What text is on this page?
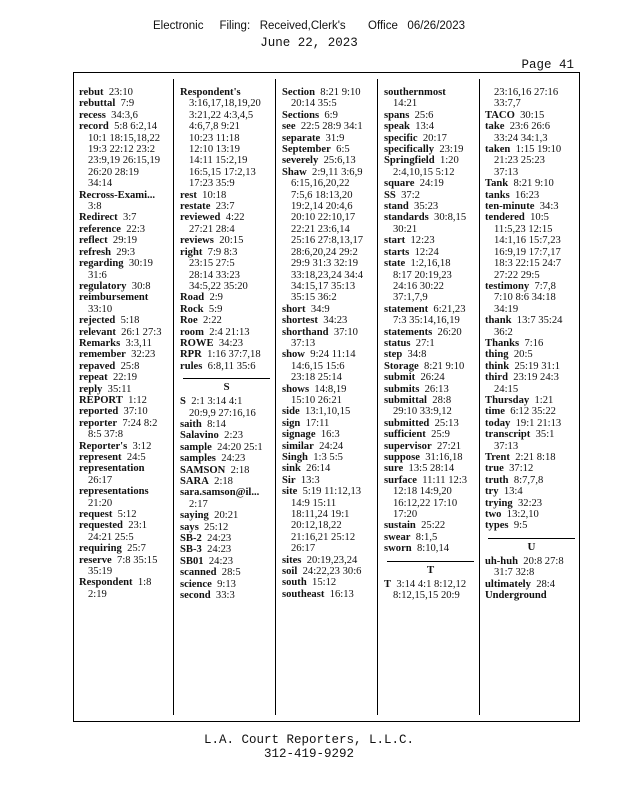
Electronic     Filing:   Received,Clerk's       Office   06/26/2023
June 22, 2023
Page 41
rebut 23:10
rebuttal 7:9
recess 34:3,6
record 5:8 6:2,14
10:1 18:15,18,22
19:3 22:12 23:2
23:9,19 26:15,19
26:20 28:19
34:14
Recross-Exami...
3:8
Redirect 3:7
reference 22:3
reflect 29:19
refresh 29:3
regarding 30:19
31:6
regulatory 30:8
reimbursement
33:10
rejected 5:18
relevant 26:1 27:3
Remarks 3:3,11
remember 32:23
repaved 25:8
repeat 22:19
reply 35:11
REPORT 1:12
reported 37:10
reporter 7:24 8:2
8:5 37:8
Reporter's 3:12
represent 24:5
representation
26:17
representations
21:20
request 5:12
requested 23:1
24:21 25:5
requiring 25:7
reserve 7:8 35:15
35:19
Respondent 1:8
2:19
Respondent's
3:16,17,18,19,20
3:21,22 4:3,4,5
4:6,7,8 9:21
10:23 11:18
12:10 13:19
14:11 15:2,19
16:5,15 17:2,13
17:23 35:9
rest 10:18
restate 23:7
reviewed 4:22
27:21 28:4
reviews 20:15
right 7:9 8:3
23:15 27:5
28:14 33:23
34:5,22 35:20
Road 2:9
Rock 5:9
Roe 2:22
room 2:4 21:13
ROWE 34:23
RPR 1:16 37:7,18
rules 6:8,11 35:6
S
S 2:1 3:14 4:1
20:9,9 27:16,16
saith 8:14
Salavino 2:23
sample 24:20 25:1
samples 24:23
SAMSON 2:18
SARA 2:18
sara.samson@il...
2:17
saying 20:21
says 25:12
SB-2 24:23
SB-3 24:23
SB01 24:23
scanned 28:5
science 9:13
second 33:3
Section 8:21 9:10
20:14 35:5
Sections 6:9
see 22:5 28:9 34:1
separate 31:9
September 6:5
severely 25:6,13
Shaw 2:9,11 3:6,9
6:15,16,20,22
7:5,6 18:13,20
19:2,14 20:4,6
20:10 22:10,17
22:21 23:6,14
25:16 27:8,13,17
28:6,20,24 29:2
29:9 31:3 32:19
33:18,23,24 34:4
34:15,17 35:13
35:15 36:2
short 34:9
shortest 34:23
shorthand 37:10
37:13
show 9:24 11:14
14:6,15 15:6
23:18 25:14
shows 14:8,19
15:10 26:21
side 13:1,10,15
sign 17:11
signage 16:3
similar 24:24
Singh 1:3 5:5
sink 26:14
Sir 13:3
site 5:19 11:12,13
14:9 15:11
18:11,24 19:1
20:12,18,22
21:16,21 25:12
26:17
sites 20:19,23,24
soil 24:22,23 30:6
south 15:12
southeast 16:13
southernmost
14:21
spans 25:6
speak 13:4
specific 20:17
specifically 23:19
Springfield 1:20
2:4,10,15 5:12
square 24:19
SS 37:2
stand 35:23
standards 30:8,15
30:21
start 12:23
starts 12:24
state 1:2,16,18
8:17 20:19,23
24:16 30:22
37:1,7,9
statement 6:21,23
7:3 35:14,16,19
statements 26:20
status 27:1
step 34:8
Storage 8:21 9:10
submit 26:24
submits 26:13
submittal 28:8
29:10 33:9,12
submitted 25:13
sufficient 25:9
supervisor 27:21
suppose 31:16,18
sure 13:5 28:14
surface 11:11 12:3
12:18 14:9,20
16:12,22 17:10
17:20
sustain 25:22
swear 8:1,5
sworn 8:10,14
T
T 3:14 4:1 8:12,12
8:12,15,15 20:9
23:16,16 27:16
33:7,7
TACO 30:15
take 23:6 26:6
33:24 34:1,3
taken 1:15 19:10
21:23 25:23
37:13
Tank 8:21 9:10
tanks 16:23
ten-minute 34:3
tendered 10:5
11:5,23 12:15
14:1,16 15:7,23
16:9,19 17:7,17
18:3 22:15 24:7
27:22 29:5
testimony 7:7,8
7:10 8:6 34:18
34:19
thank 13:7 35:24
36:2
Thanks 7:16
thing 20:5
think 25:19 31:1
third 23:19 24:3
24:15
Thursday 1:21
time 6:12 35:22
today 19:1 21:13
transcript 35:1
37:13
Trent 2:21 8:18
true 37:12
truth 8:7,7,8
try 13:4
trying 32:23
two 13:2,10
types 9:5
U
uh-huh 20:8 27:8
31:7 32:8
ultimately 28:4
Underground
L.A. Court Reporters, L.L.C.
312-419-9292
